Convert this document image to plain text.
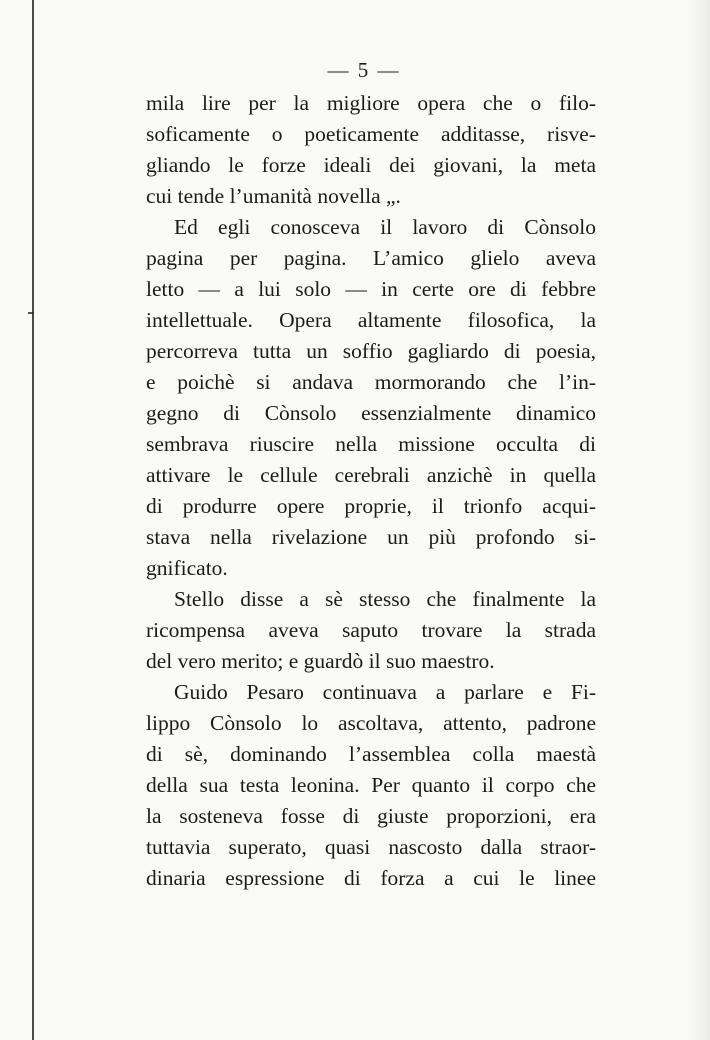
— 5 —
mila lire per la migliore opera che o filo-
soficamente o poeticamente additasse, risve-
gliando le forze ideali dei giovani, la meta
cui tende l’umanità novella „.
Ed egli conosceva il lavoro di Cònsolo
pagina per pagina. L’amico glielo aveva
letto — a lui solo — in certe ore di febbre
intellettuale. Opera altamente filosofica, la
percorreva tutta un soffio gagliardo di poesia,
e poichè si andava mormorando che l’in-
gegno di Cònsolo essenzialmente dinamico
sembrava riuscire nella missione occulta di
attivare le cellule cerebrali anzichè in quella
di produrre opere proprie, il trionfo acqui-
stava nella rivelazione un più profondo si-
gnificato.
Stello disse a sè stesso che finalmente la
ricompensa aveva saputo trovare la strada
del vero merito; e guardò il suo maestro.
Guido Pesaro continuava a parlare e Fi-
lippo Cònsolo lo ascoltava, attento, padrone
di sè, dominando l’assemblea colla maestà
della sua testa leonina. Per quanto il corpo che
la sosteneva fosse di giuste proporzioni, era
tuttavia superato, quasi nascosto dalla straor-
dinaria espressione di forza a cui le linee
